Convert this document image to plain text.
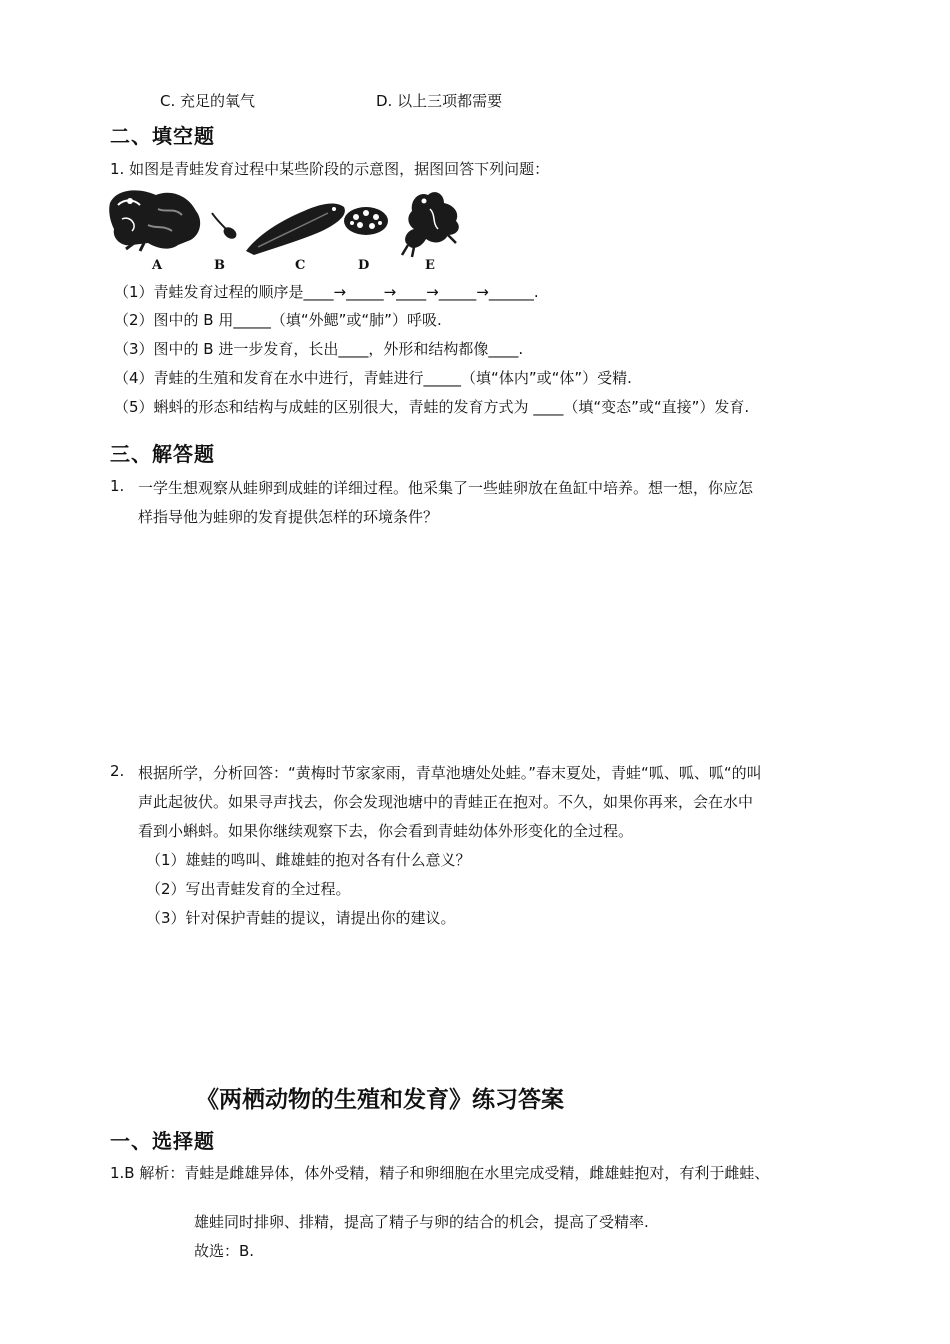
C. 充足的氧气	D. 以上三项都需要
二、填空题
1. 如图是青蛙发育过程中某些阶段的示意图，据图回答下列问题：
A	B	C	D	E
（1）青蛙发育过程的顺序是____→_____→____→_____→______.
（2）图中的 B 用_____（填“外鳃”或“肺”）呼吸.
（3）图中的 B 进一步发育，长出____，外形和结构都像____.
（4）青蛙的生殖和发育在水中进行，青蛙进行_____（填“体内”或“体”）受精.
（5）蝌蚪的形态和结构与成蛙的区别很大，青蛙的发育方式为 ____（填“变态”或“直接”）发育.
三、解答题
1. 一学生想观察从蛙卵到成蛙的详细过程。他采集了一些蛙卵放在鱼缸中培养。想一想，你应怎
样指导他为蛙卵的发育提供怎样的环境条件？
2. 根据所学，分析回答：“黄梅时节家家雨，青草池塘处处蛙。”春末夏处，青蛙“呱、呱、呱“的叫
声此起彼伏。如果寻声找去，你会发现池塘中的青蛙正在抱对。不久，如果你再来，会在水中
看到小蝌蚪。如果你继续观察下去，你会看到青蛙幼体外形变化的全过程。
（1）雄蛙的鸣叫、雌雄蛙的抱对各有什么意义？
（2）写出青蛙发育的全过程。
（3）针对保护青蛙的提议，请提出你的建议。
《两栖动物的生殖和发育》练习答案
一、选择题
1.B 解析：青蛙是雌雄异体，体外受精，精子和卵细胞在水里完成受精，雌雄蛙抱对，有利于雌蛙、
雄蛙同时排卵、排精，提高了精子与卵的结合的机会，提高了受精率.
故选：B.
